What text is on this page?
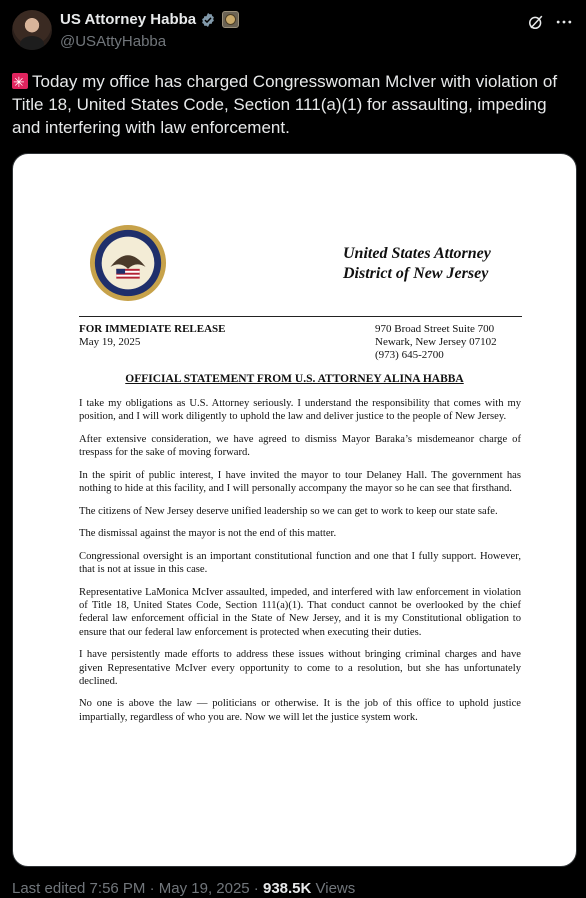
US Attorney Habba
@USAttyHabba
✳Today my office has charged Congresswoman McIver with violation of Title 18, United States Code, Section 111(a)(1) for assaulting, impeding and interfering with law enforcement.
United States Attorney
District of New Jersey
FOR IMMEDIATE RELEASE
May 19, 2025
970 Broad Street Suite 700
Newark, New Jersey 07102
(973) 645-2700
OFFICIAL STATEMENT FROM U.S. ATTORNEY ALINA HABBA

I take my obligations as U.S. Attorney seriously. I understand the responsibility that comes with my position, and I will work diligently to uphold the law and deliver justice to the people of New Jersey.

After extensive consideration, we have agreed to dismiss Mayor Baraka’s misdemeanor charge of trespass for the sake of moving forward.

In the spirit of public interest, I have invited the mayor to tour Delaney Hall. The government has nothing to hide at this facility, and I will personally accompany the mayor so he can see that firsthand.

The citizens of New Jersey deserve unified leadership so we can get to work to keep our state safe.

The dismissal against the mayor is not the end of this matter.

Congressional oversight is an important constitutional function and one that I fully support. However, that is not at issue in this case.

Representative LaMonica McIver assaulted, impeded, and interfered with law enforcement in violation of Title 18, United States Code, Section 111(a)(1). That conduct cannot be overlooked by the chief federal law enforcement official in the State of New Jersey, and it is my Constitutional obligation to ensure that our federal law enforcement is protected when executing their duties.

I have persistently made efforts to address these issues without bringing criminal charges and have given Representative McIver every opportunity to come to a resolution, but she has unfortunately declined.

No one is above the law — politicians or otherwise. It is the job of this office to uphold justice impartially, regardless of who you are. Now we will let the justice system work.

Last edited 7:56 PM · May 19, 2025 · 938.5K Views
